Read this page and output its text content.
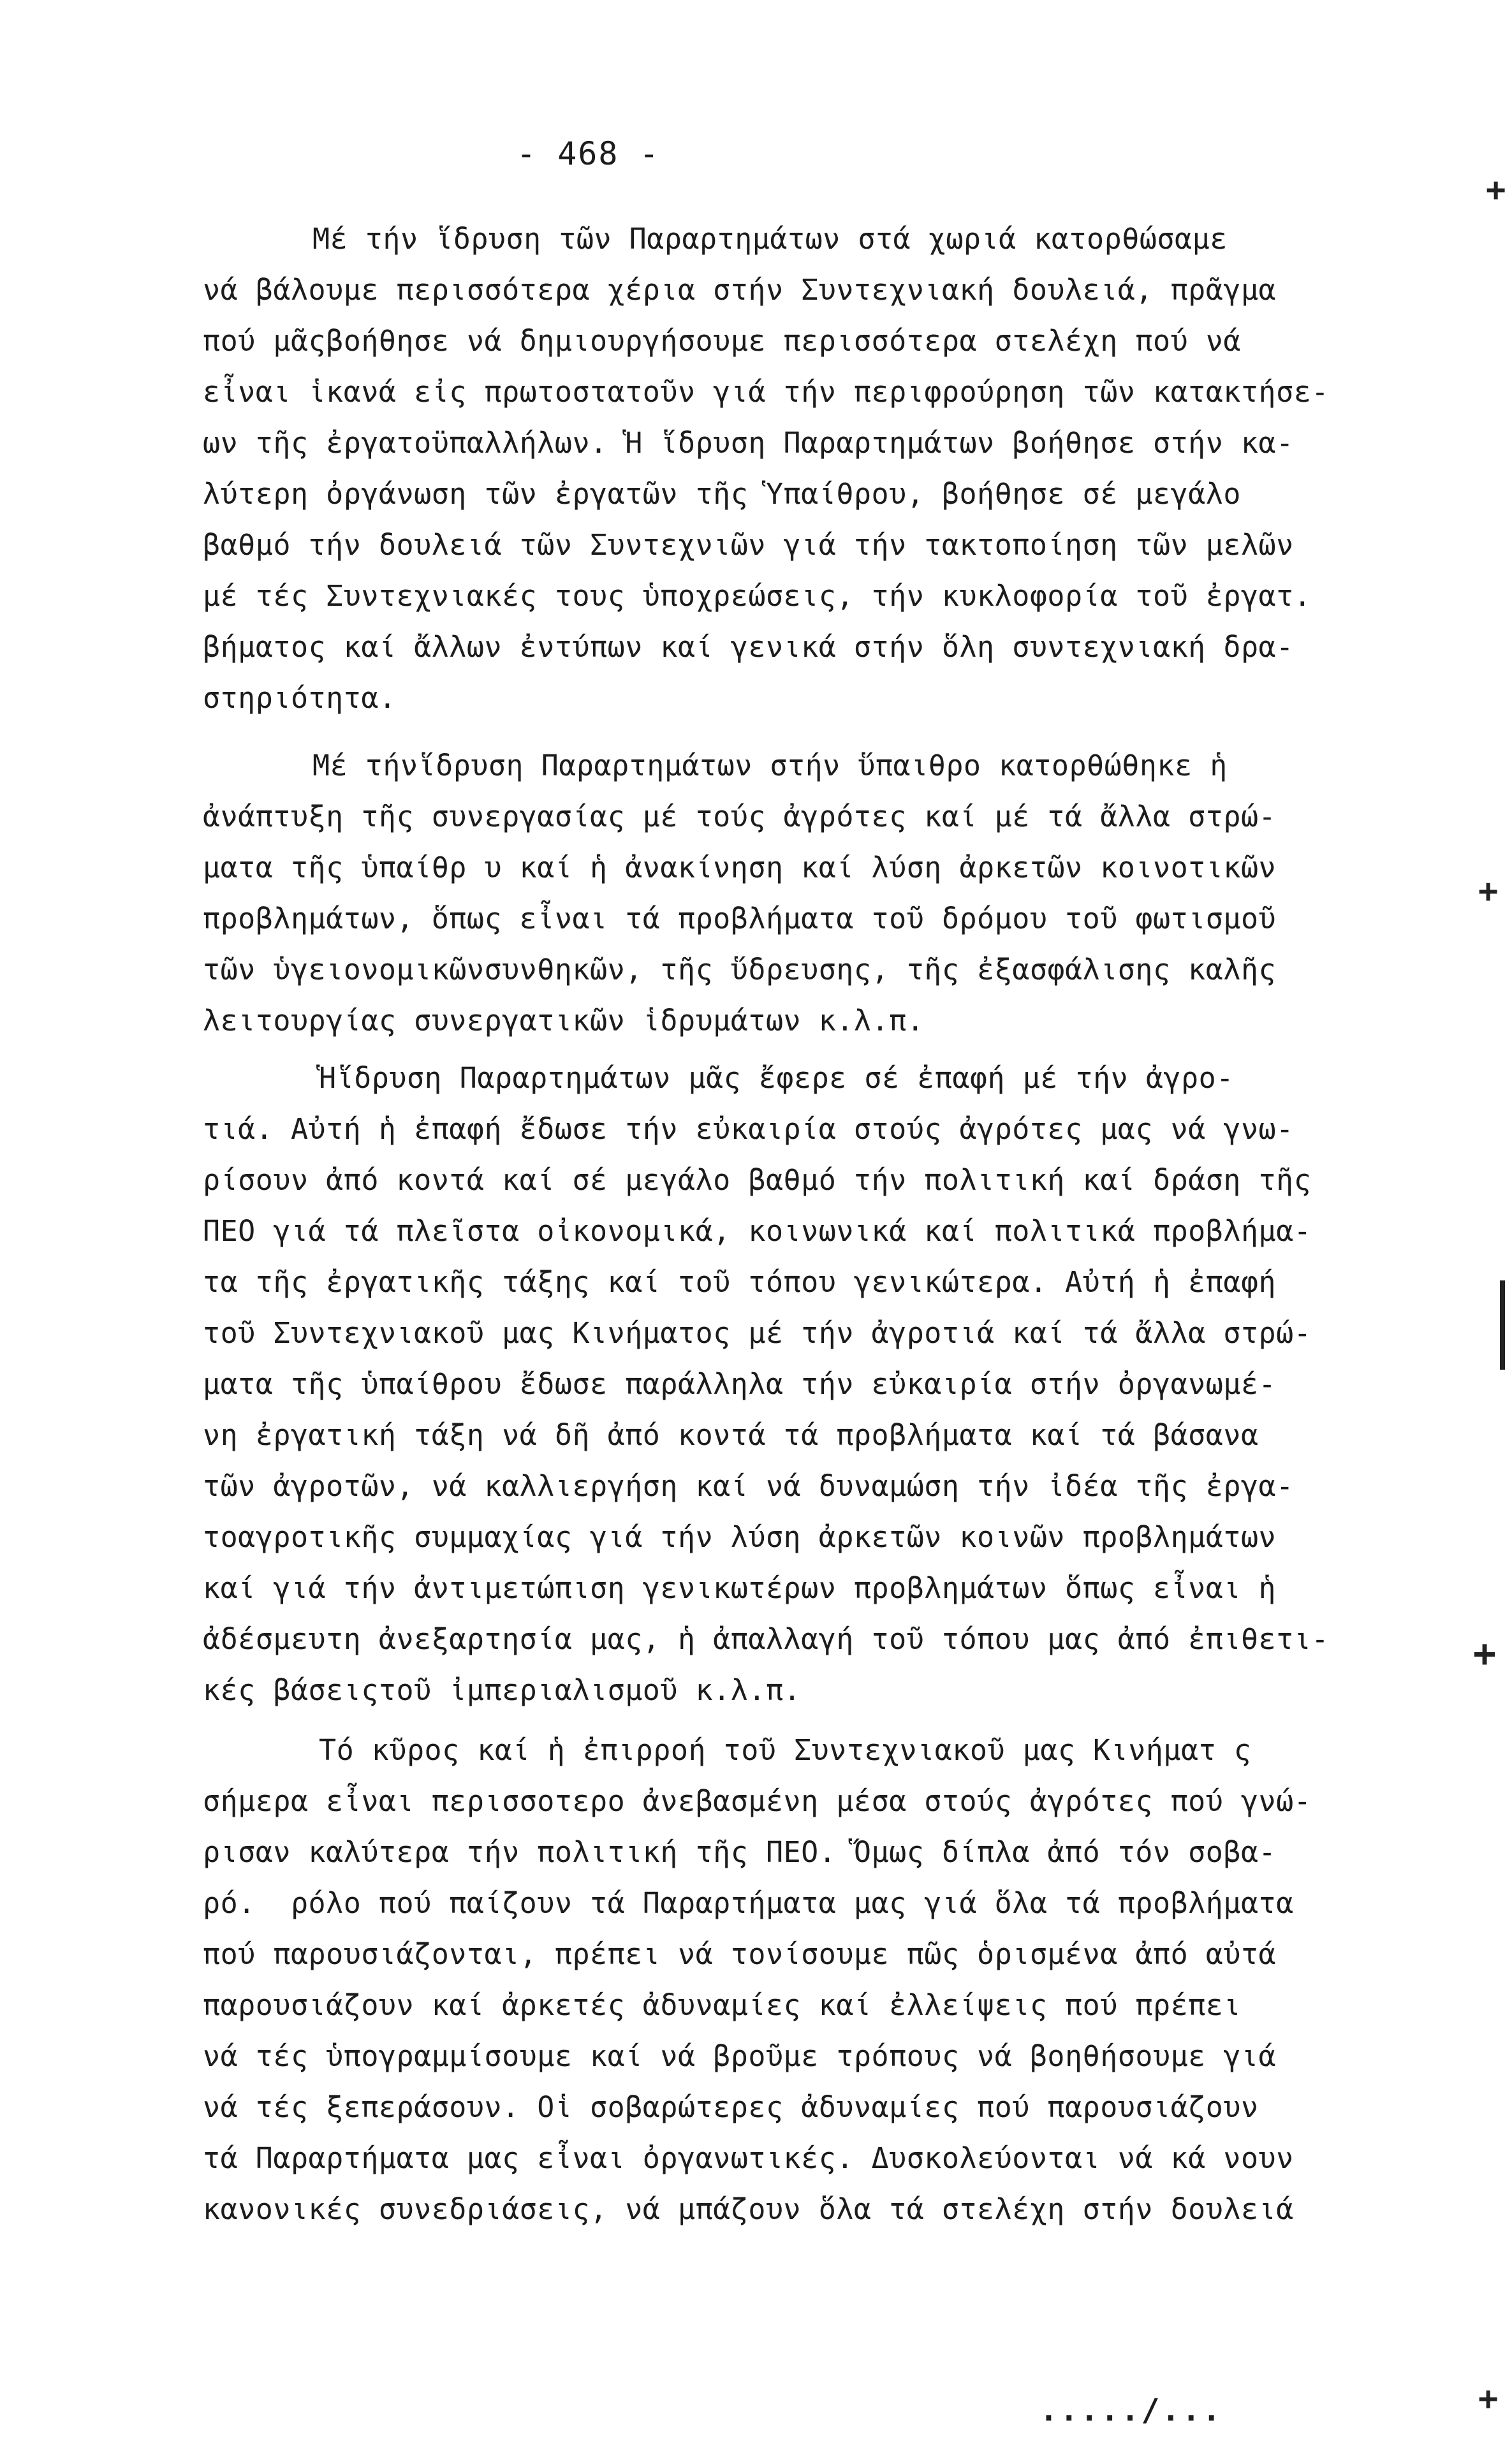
- 468 -
Μέ τήν ἵδρυση τῶν Παραρτημάτων στά χωριά κατορθώσαμε
νά βάλουμε περισσότερα χέρια στήν Συντεχνιακή δουλειά, πρᾶγμα
πού μᾶςβοήθησε νά δημιουργήσουμε περισσότερα στελέχη πού νά
εἶναι ἱκανά εἰς πρωτοστατοῦν γιά τήν περιφρούρηση τῶν κατακτήσε-
ων τῆς ἐργατοϋπαλλήλων. Ἡ ἵδρυση Παραρτημάτων βοήθησε στήν κα-
λύτερη ὀργάνωση τῶν ἐργατῶν τῆς Ὑπαίθρου, βοήθησε σέ μεγάλο
βαθμό τήν δουλειά τῶν Συντεχνιῶν γιά τήν τακτοποίηση τῶν μελῶν
μέ τές Συντεχνιακές τους ὑποχρεώσεις, τήν κυκλοφορία τοῦ ἐργατ.
βήματος καί ἄλλων ἐντύπων καί γενικά στήν ὅλη συντεχνιακή δρα-
στηριότητα.
Μέ τήνἵδρυση Παραρτημάτων στήν ὕπαιθρο κατορθώθηκε ἡ
ἀνάπτυξη τῆς συνεργασίας μέ τούς ἀγρότες καί μέ τά ἄλλα στρώ-
ματα τῆς ὑπαίθρ υ καί ἡ ἀνακίνηση καί λύση ἀρκετῶν κοινοτικῶν
προβλημάτων, ὅπως εἶναι τά προβλήματα τοῦ δρόμου τοῦ φωτισμοῦ
τῶν ὑγειονομικῶνσυνθηκῶν, τῆς ὕδρευσης, τῆς ἐξασφάλισης καλῆς
λειτουργίας συνεργατικῶν ἱδρυμάτων κ.λ.π.
Ἡἵδρυση Παραρτημάτων μᾶς ἔφερε σέ ἐπαφή μέ τήν ἀγρο-
τιά. Αὐτή ἡ ἐπαφή ἔδωσε τήν εὐκαιρία στούς ἀγρότες μας νά γνω-
ρίσουν ἀπό κοντά καί σέ μεγάλο βαθμό τήν πολιτική καί δράση τῆς
ΠΕΟ γιά τά πλεῖστα οἰκονομικά, κοινωνικά καί πολιτικά προβλήμα-
τα τῆς ἐργατικῆς τάξης καί τοῦ τόπου γενικώτερα. Αὐτή ἡ ἐπαφή
τοῦ Συντεχνιακοῦ μας Κινήματος μέ τήν ἀγροτιά καί τά ἄλλα στρώ-
ματα τῆς ὑπαίθρου ἔδωσε παράλληλα τήν εὐκαιρία στήν ὀργανωμέ-
νη ἐργατική τάξη νά δῆ ἀπό κοντά τά προβλήματα καί τά βάσανα
τῶν ἀγροτῶν, νά καλλιεργήση καί νά δυναμώση τήν ἰδέα τῆς ἐργα-
τοαγροτικῆς συμμαχίας γιά τήν λύση ἀρκετῶν κοινῶν προβλημάτων
καί γιά τήν ἀντιμετώπιση γενικωτέρων προβλημάτων ὅπως εἶναι ἡ
ἀδέσμευτη ἀνεξαρτησία μας, ἡ ἀπαλλαγή τοῦ τόπου μας ἀπό ἐπιθετι-
κές βάσειςτοῦ ἰμπεριαλισμοῦ κ.λ.π.
Τό κῦρος καί ἡ ἐπιρροή τοῦ Συντεχνιακοῦ μας Κινήματ ς
σήμερα εἶναι περισσοτερο ἀνεβασμένη μέσα στούς ἀγρότες πού γνώ-
ρισαν καλύτερα τήν πολιτική τῆς ΠΕΟ. Ὅμως δίπλα ἀπό τόν σοβα-
ρό.  ρόλο πού παίζουν τά Παραρτήματα μας γιά ὅλα τά προβλήματα
πού παρουσιάζονται, πρέπει νά τονίσουμε πῶς ὁρισμένα ἀπό αὐτά
παρουσιάζουν καί ἀρκετές ἀδυναμίες καί ἐλλείψεις πού πρέπει
νά τές ὑπογραμμίσουμε καί νά βροῦμε τρόπους νά βοηθήσουμε γιά
νά τές ξεπεράσουν. Οἱ σοβαρώτερες ἀδυναμίες πού παρουσιάζουν
τά Παραρτήματα μας εἶναι ὀργανωτικές. Δυσκολεύονται νά κά νουν
κανονικές συνεδριάσεις, νά μπάζουν ὅλα τά στελέχη στήν δουλειά
...../...
+
+
+
+
